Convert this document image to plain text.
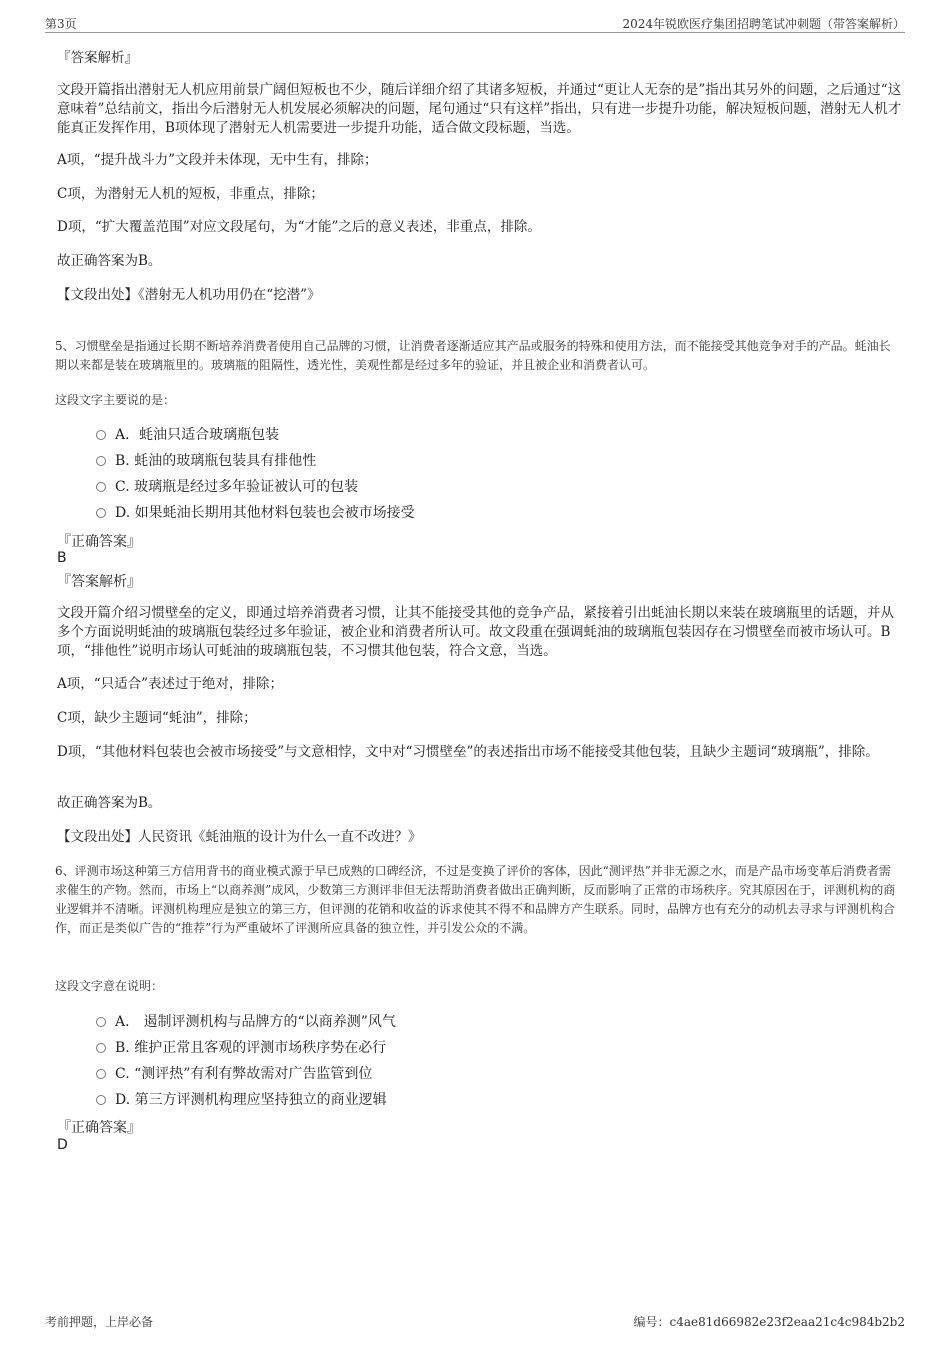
第3页	2024年锐欧医疗集团招聘笔试冲刺题（带答案解析）
『答案解析』
文段开篇指出潜射无人机应用前景广阔但短板也不少，随后详细介绍了其诸多短板，并通过“更让人无奈的是”指出其另外的问题，之后通过“这意味着”总结前文，指出今后潜射无人机发展必须解决的问题，尾句通过“只有这样”指出，只有进一步提升功能，解决短板问题，潜射无人机才能真正发挥作用，B项体现了潜射无人机需要进一步提升功能，适合做文段标题，当选。
A项，“提升战斗力”文段并未体现，无中生有，排除；
C项，为潜射无人机的短板，非重点，排除；
D项，“扩大覆盖范围”对应文段尾句，为“才能”之后的意义表述，非重点，排除。
故正确答案为B。
【文段出处】《潜射无人机功用仍在“挖潜”》
5、习惯壁垒是指通过长期不断培养消费者使用自己品牌的习惯，让消费者逐渐适应其产品或服务的特殊和使用方法，而不能接受其他竞争对手的产品。蚝油长期以来都是装在玻璃瓶里的。玻璃瓶的阻隔性，透光性，美观性都是经过多年的验证，并且被企业和消费者认可。
这段文字主要说的是：
A．蚝油只适合玻璃瓶包装
B. 蚝油的玻璃瓶包装具有排他性
C. 玻璃瓶是经过多年验证被认可的包装
D. 如果蚝油长期用其他材料包装也会被市场接受
『正确答案』
B
『答案解析』
文段开篇介绍习惯壁垒的定义，即通过培养消费者习惯，让其不能接受其他的竞争产品，紧接着引出蚝油长期以来装在玻璃瓶里的话题，并从多个方面说明蚝油的玻璃瓶包装经过多年验证，被企业和消费者所认可。故文段重在强调蚝油的玻璃瓶包装因存在习惯壁垒而被市场认可。B项，“排他性”说明市场认可蚝油的玻璃瓶包装，不习惯其他包装，符合文意，当选。
A项，“只适合”表述过于绝对，排除；
C项，缺少主题词“蚝油”，排除；
D项，“其他材料包装也会被市场接受”与文意相悖，文中对“习惯壁垒”的表述指出市场不能接受其他包装，且缺少主题词“玻璃瓶”，排除。
故正确答案为B。
【文段出处】人民资讯《蚝油瓶的设计为什么一直不改进？》
6、评测市场这种第三方信用背书的商业模式源于早已成熟的口碑经济，不过是变换了评价的客体，因此“测评热”并非无源之水，而是产品市场变革后消费者需求催生的产物。然而，市场上“以商养测”成风，少数第三方测评非但无法帮助消费者做出正确判断，反而影响了正常的市场秩序。究其原因在于，评测机构的商业逻辑并不清晰。评测机构理应是独立的第三方，但评测的花销和收益的诉求使其不得不和品牌方产生联系。同时，品牌方也有充分的动机去寻求与评测机构合作，而正是类似广告的“推荐”行为严重破坏了评测所应具备的独立性，并引发公众的不满。
这段文字意在说明：
A． 遏制评测机构与品牌方的“以商养测”风气
B. 维护正常且客观的评测市场秩序势在必行
C. “测评热”有利有弊故需对广告监管到位
D. 第三方评测机构理应坚持独立的商业逻辑
『正确答案』
D
考前押题，上岸必备	编号：c4ae81d66982e23f2eaa21c4c984b2b2
